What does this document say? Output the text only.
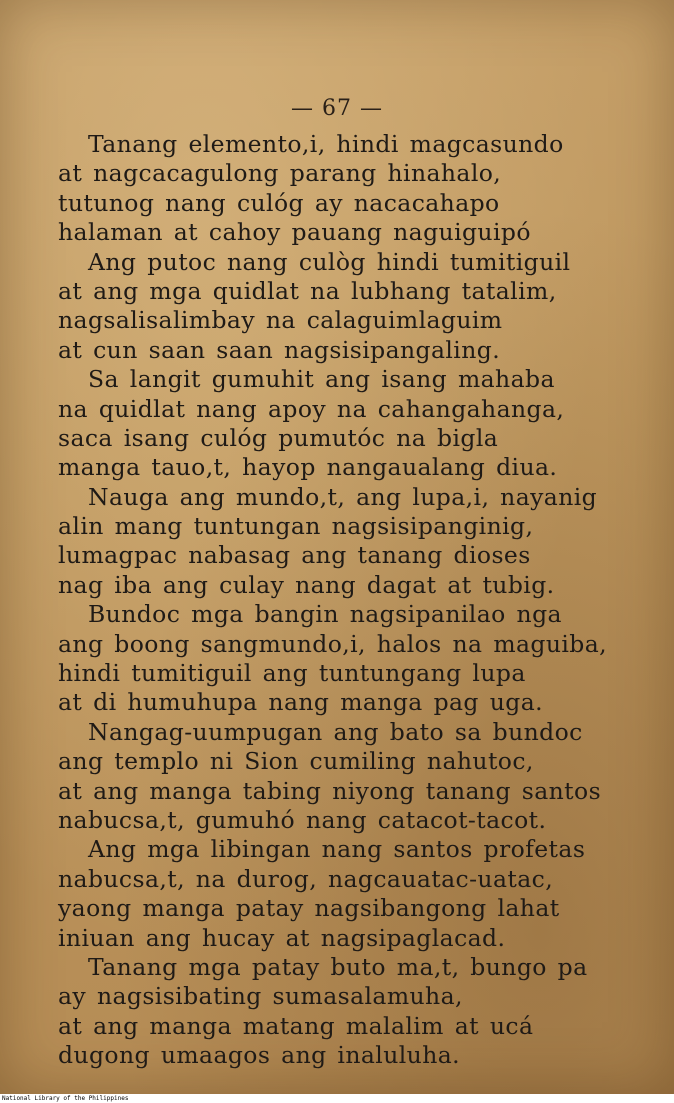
— 67 —
Tanang elemento,i, hindi magcasundo
at nagcacagulong parang hinahalo,
tutunog nang culóg ay nacacahapo
halaman at cahoy pauang naguiguipó
Ang putoc nang culòg hindi tumitiguil
at ang mga quidlat na lubhang tatalim,
nagsalisalimbay na calaguimlaguim
at cun saan saan nagsisipangaling.
Sa langit gumuhit ang isang mahaba
na quidlat nang apoy na cahangahanga,
saca isang culóg pumutóc na bigla
manga tauo,t, hayop nangaualang diua.
Nauga ang mundo,t, ang lupa,i, nayanig
alin mang tuntungan nagsisipanginig,
lumagpac nabasag ang tanang dioses
nag iba ang culay nang dagat at tubig.
Bundoc mga bangin nagsipanilao nga
ang boong sangmundo,i, halos na maguiba,
hindi tumitiguil ang tuntungang lupa
at di humuhupa nang manga pag uga.
Nangag-uumpugan ang bato sa bundoc
ang templo ni Sion cumiling nahutoc,
at ang manga tabing niyong tanang santos
nabucsa,t, gumuhó nang catacot-tacot.
Ang mga libingan nang santos profetas
nabucsa,t, na durog, nagcauatac-uatac,
yaong manga patay nagsibangong lahat
iniuan ang hucay at nagsipaglacad.
Tanang mga patay buto ma,t, bungo pa
ay nagsisibating sumasalamuha,
at ang manga matang malalim at ucá
dugong umaagos ang inaluluha.
National Library of the Philippines
